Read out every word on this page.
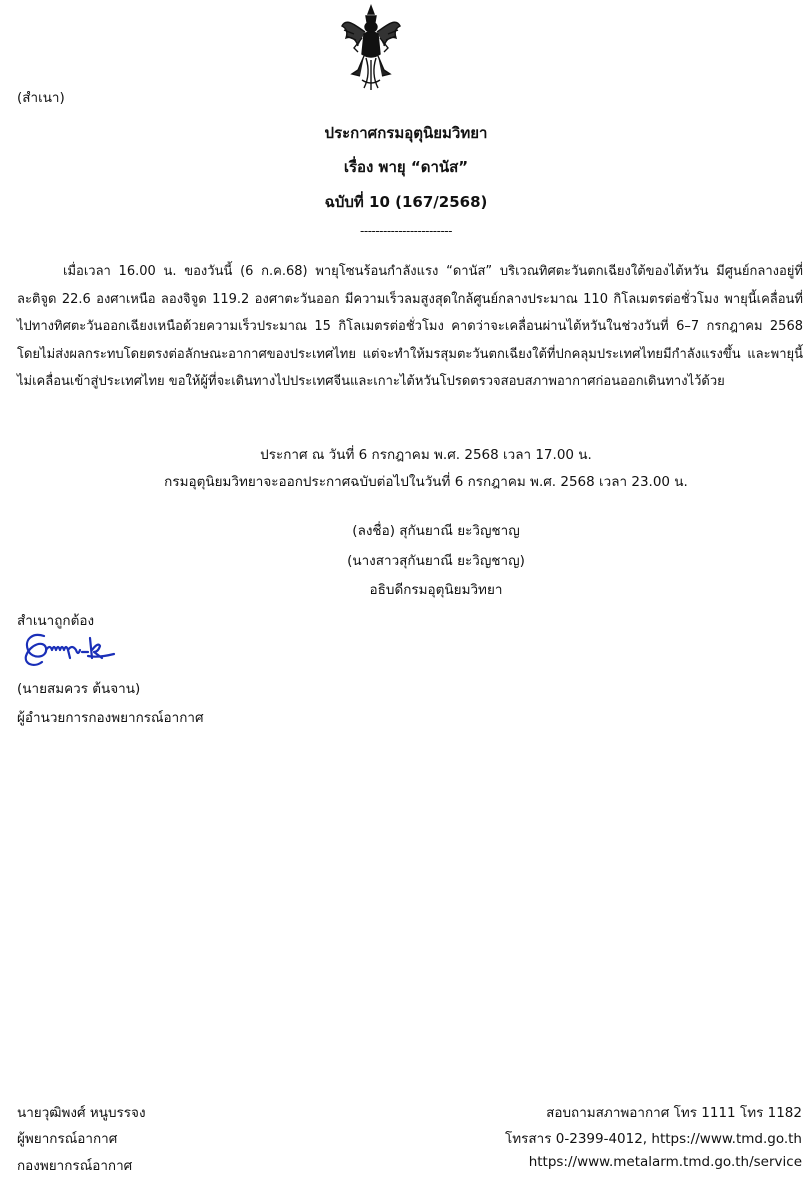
(สำเนา)
ประกาศกรมอุตุนิยมวิทยา
เรื่อง พายุ “ดานัส”
ฉบับที่ 10 (167/2568)
------------------------

เมื่อเวลา 16.00 น. ของวันนี้ (6 ก.ค.68) พายุโซนร้อนกำลังแรง “ดานัส” บริเวณทิศตะวันตกเฉียงใต้ของไต้หวัน มีศูนย์กลางอยู่ที่ละติจูด 22.6 องศาเหนือ ลองจิจูด 119.2 องศาตะวันออก มีความเร็วลมสูงสุดใกล้ศูนย์กลางประมาณ 110 กิโลเมตรต่อชั่วโมง พายุนี้เคลื่อนที่ไปทางทิศตะวันออกเฉียงเหนือด้วยความเร็วประมาณ 15 กิโลเมตรต่อชั่วโมง คาดว่าจะเคลื่อนผ่านไต้หวันในช่วงวันที่ 6–7 กรกฎาคม 2568 โดยไม่ส่งผลกระทบโดยตรงต่อลักษณะอากาศของประเทศไทย แต่จะทำให้มรสุมตะวันตกเฉียงใต้ที่ปกคลุมประเทศไทยมีกำลังแรงขึ้น และพายุนี้ไม่เคลื่อนเข้าสู่ประเทศไทย ขอให้ผู้ที่จะเดินทางไปประเทศจีนและเกาะไต้หวันโปรดตรวจสอบสภาพอากาศก่อนออกเดินทางไว้ด้วย

ประกาศ ณ วันที่ 6 กรกฎาคม พ.ศ. 2568 เวลา 17.00 น.
กรมอุตุนิยมวิทยาจะออกประกาศฉบับต่อไปในวันที่ 6 กรกฎาคม พ.ศ. 2568 เวลา 23.00 น.
(ลงชื่อ) สุกันยาณี ยะวิญชาญ
(นางสาวสุกันยาณี ยะวิญชาญ)
อธิบดีกรมอุตุนิยมวิทยา
สำเนาถูกต้อง
(นายสมควร ต้นจาน)
ผู้อำนวยการกองพยากรณ์อากาศ
นายวุฒิพงศ์ หนูบรรจง
ผู้พยากรณ์อากาศ
กองพยากรณ์อากาศ
สอบถามสภาพอากาศ โทร 1111 โทร 1182
โทรสาร 0-2399-4012, https://www.tmd.go.th
https://www.metalarm.tmd.go.th/service
